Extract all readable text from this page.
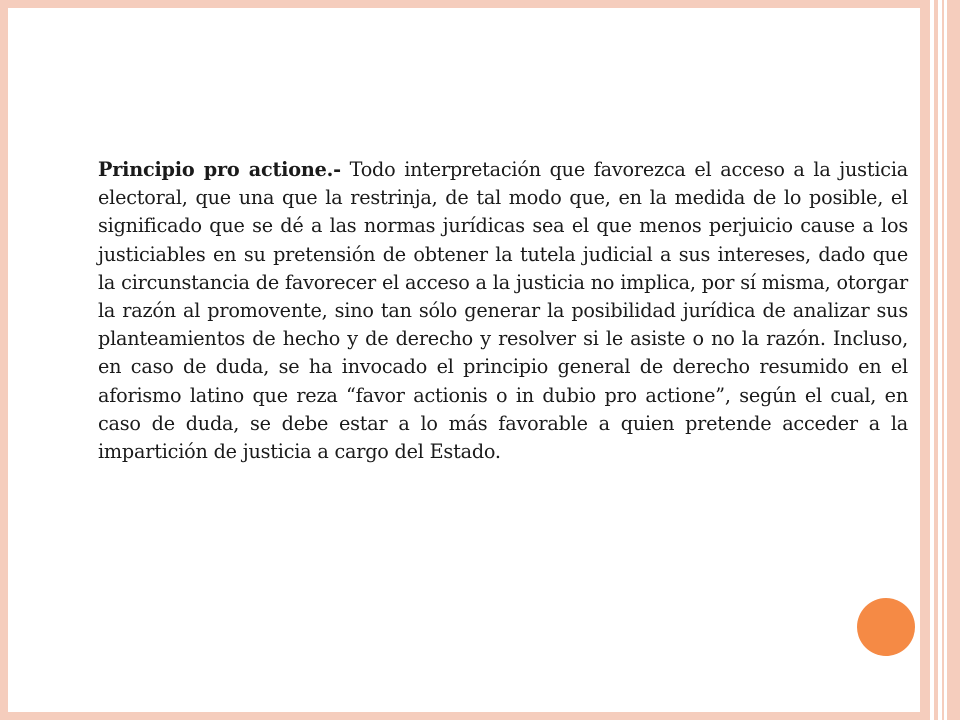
Principio pro actione.- Todo interpretación que favorezca el acceso a la justicia electoral, que una que la restrinja, de tal modo que, en la medida de lo posible, el significado que se dé a las normas jurídicas sea el que menos perjuicio cause a los justiciables en su pretensión de obtener la tutela judicial a sus intereses, dado que la circunstancia de favorecer el acceso a la justicia no implica, por sí misma, otorgar la razón al promovente, sino tan sólo generar la posibilidad jurídica de analizar sus planteamientos de hecho y de derecho y resolver si le asiste o no la razón. Incluso, en caso de duda, se ha invocado el principio general de derecho resumido en el aforismo latino que reza “favor actionis o in dubio pro actione”, según el cual, en caso de duda, se debe estar a lo más favorable a quien pretende acceder a la impartición de justicia a cargo del Estado.
